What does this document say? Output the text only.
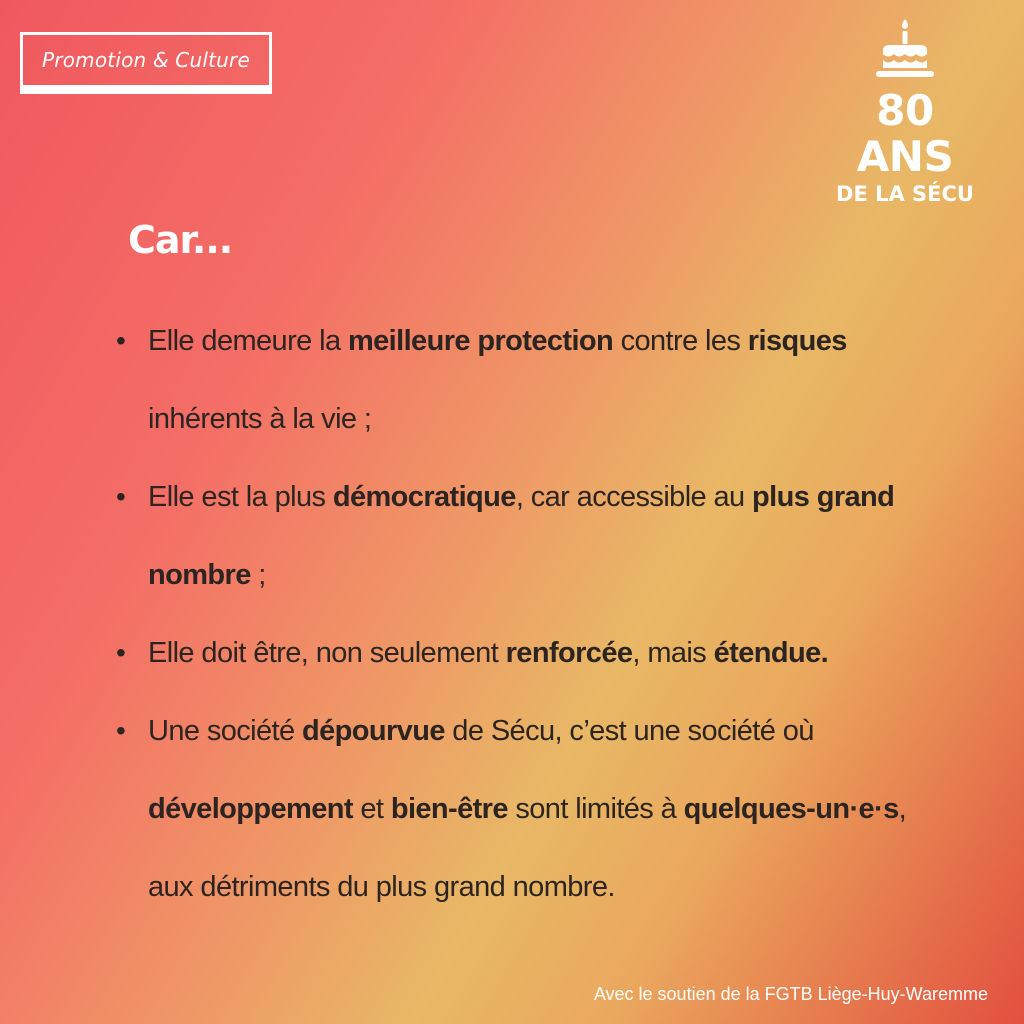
Promotion & Culture
80 ANS
DE LA SÉCU
Car...
• Elle demeure la meilleure protection contre les risques inhérents à la vie ;
• Elle est la plus démocratique, car accessible au plus grand nombre ;
• Elle doit être, non seulement renforcée, mais étendue.
• Une société dépourvue de Sécu, c’est une société où développement et bien-être sont limités à quelques-un·e·s, aux détriments du plus grand nombre.
Avec le soutien de la FGTB Liège-Huy-Waremme
